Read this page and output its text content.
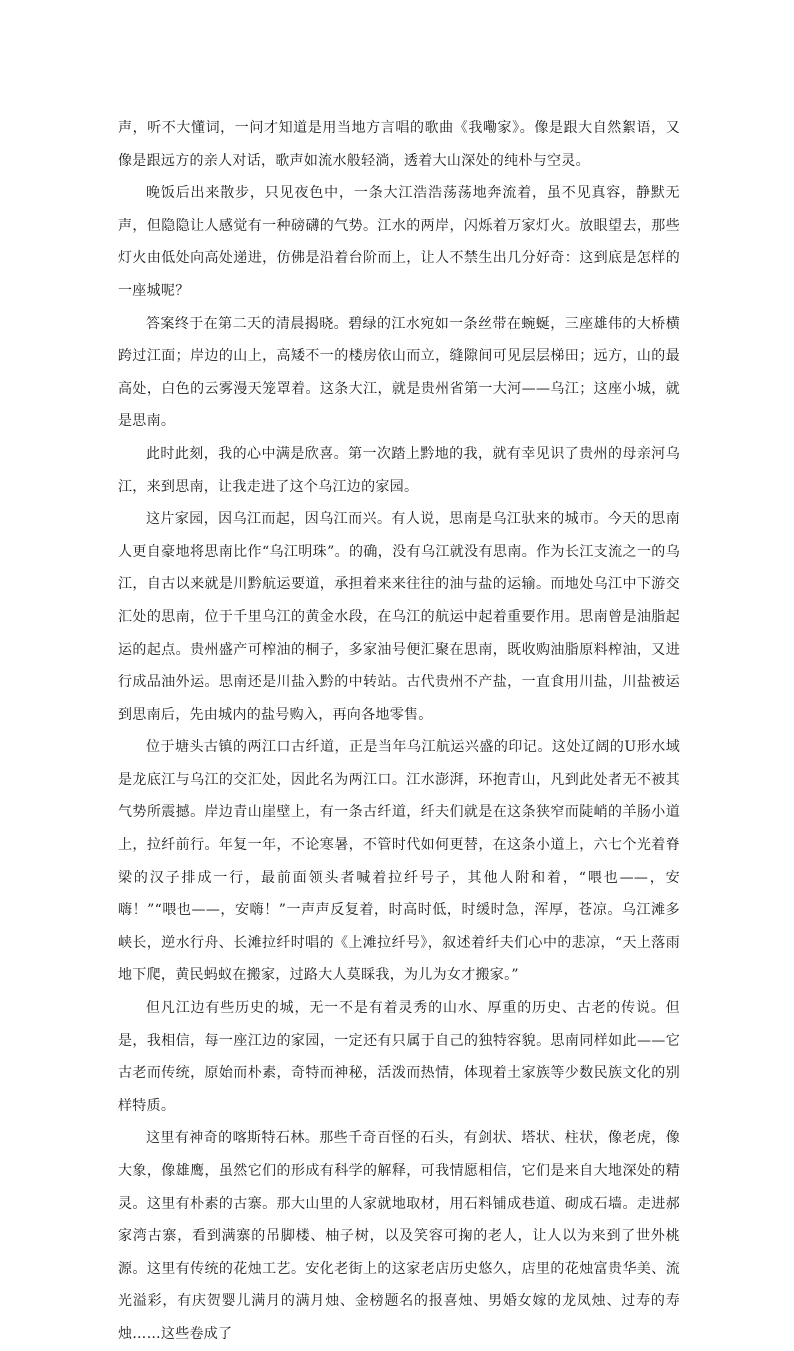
声，听不大懂词，一问才知道是用当地方言唱的歌曲《我嘞家》。像是跟大自然絮语，又像是跟远方的亲人对话，歌声如流水般轻淌，透着大山深处的纯朴与空灵。

晚饭后出来散步，只见夜色中，一条大江浩浩荡荡地奔流着，虽不见真容，静默无声，但隐隐让人感觉有一种磅礴的气势。江水的两岸，闪烁着万家灯火。放眼望去，那些灯火由低处向高处递进，仿佛是沿着台阶而上，让人不禁生出几分好奇：这到底是怎样的一座城呢？

答案终于在第二天的清晨揭晓。碧绿的江水宛如一条丝带在蜿蜒，三座雄伟的大桥横跨过江面；岸边的山上，高矮不一的楼房依山而立，缝隙间可见层层梯田；远方，山的最高处，白色的云雾漫天笼罩着。这条大江，就是贵州省第一大河——乌江；这座小城，就是思南。

此时此刻，我的心中满是欣喜。第一次踏上黔地的我，就有幸见识了贵州的母亲河乌江，来到思南，让我走进了这个乌江边的家园。

这片家园，因乌江而起，因乌江而兴。有人说，思南是乌江驮来的城市。今天的思南人更自豪地将思南比作“乌江明珠”。的确，没有乌江就没有思南。作为长江支流之一的乌江，自古以来就是川黔航运要道，承担着来来往往的油与盐的运输。而地处乌江中下游交汇处的思南，位于千里乌江的黄金水段，在乌江的航运中起着重要作用。思南曾是油脂起运的起点。贵州盛产可榨油的桐子，多家油号便汇聚在思南，既收购油脂原料榨油，又进行成品油外运。思南还是川盐入黔的中转站。古代贵州不产盐，一直食用川盐，川盐被运到思南后，先由城内的盐号购入，再向各地零售。

位于塘头古镇的两江口古纤道，正是当年乌江航运兴盛的印记。这处辽阔的U形水域是龙底江与乌江的交汇处，因此名为两江口。江水澎湃，环抱青山，凡到此处者无不被其气势所震撼。岸边青山崖壁上，有一条古纤道，纤夫们就是在这条狭窄而陡峭的羊肠小道上，拉纤前行。年复一年，不论寒暑，不管时代如何更替，在这条小道上，六七个光着脊梁的汉子排成一行，最前面领头者喊着拉纤号子，其他人附和着，“喂也——，安嗨！”“喂也——，安嗨！”一声声反复着，时高时低，时缓时急，浑厚，苍凉。乌江滩多峡长，逆水行舟、长滩拉纤时唱的《上滩拉纤号》，叙述着纤夫们心中的悲凉，“天上落雨地下爬，黄民蚂蚁在搬家，过路大人莫睬我，为儿为女才搬家。”

但凡江边有些历史的城，无一不是有着灵秀的山水、厚重的历史、古老的传说。但是，我相信，每一座江边的家园，一定还有只属于自己的独特容貌。思南同样如此——它古老而传统，原始而朴素，奇特而神秘，活泼而热情，体现着土家族等少数民族文化的别样特质。

这里有神奇的喀斯特石林。那些千奇百怪的石头，有剑状、塔状、柱状，像老虎，像大象，像雄鹰，虽然它们的形成有科学的解释，可我情愿相信，它们是来自大地深处的精灵。这里有朴素的古寨。那大山里的人家就地取材，用石料铺成巷道、砌成石墙。走进郝家湾古寨，看到满寨的吊脚楼、柚子树，以及笑容可掬的老人，让人以为来到了世外桃源。这里有传统的花烛工艺。安化老街上的这家老店历史悠久，店里的花烛富贵华美、流光溢彩，有庆贺婴儿满月的满月烛、金榜题名的报喜烛、男婚女嫁的龙凤烛、过寿的寿烛……这些卷成了
